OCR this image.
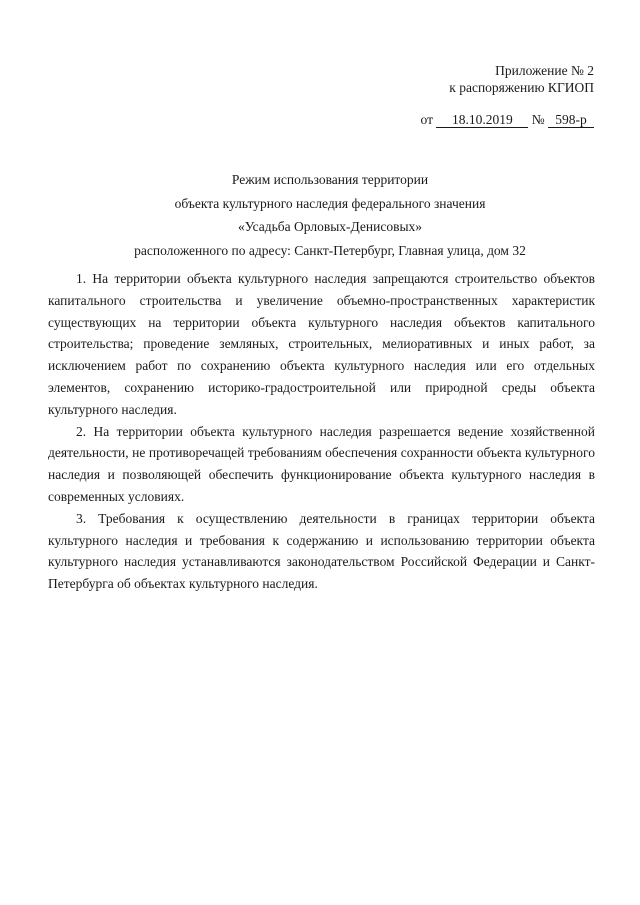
Приложение № 2
к распоряжению КГИОП
от 18.10.2019 № 598-р
Режим использования территории
объекта культурного наследия федерального значения
«Усадьба Орловых-Денисовых»
расположенного по адресу: Санкт-Петербург, Главная улица, дом 32

1. На территории объекта культурного наследия запрещаются строительство объектов капитального строительства и увеличение объемно-пространственных характеристик существующих на территории объекта культурного наследия объектов капитального строительства; проведение земляных, строительных, мелиоративных и иных работ, за исключением работ по сохранению объекта культурного наследия или его отдельных элементов, сохранению историко-градостроительной или природной среды объекта культурного наследия.

2. На территории объекта культурного наследия разрешается ведение хозяйственной деятельности, не противоречащей требованиям обеспечения сохранности объекта культурного наследия и позволяющей обеспечить функционирование объекта культурного наследия в современных условиях.

3. Требования к осуществлению деятельности в границах территории объекта культурного наследия и требования к содержанию и использованию территории объекта культурного наследия устанавливаются законодательством Российской Федерации и Санкт-Петербурга об объектах культурного наследия.
